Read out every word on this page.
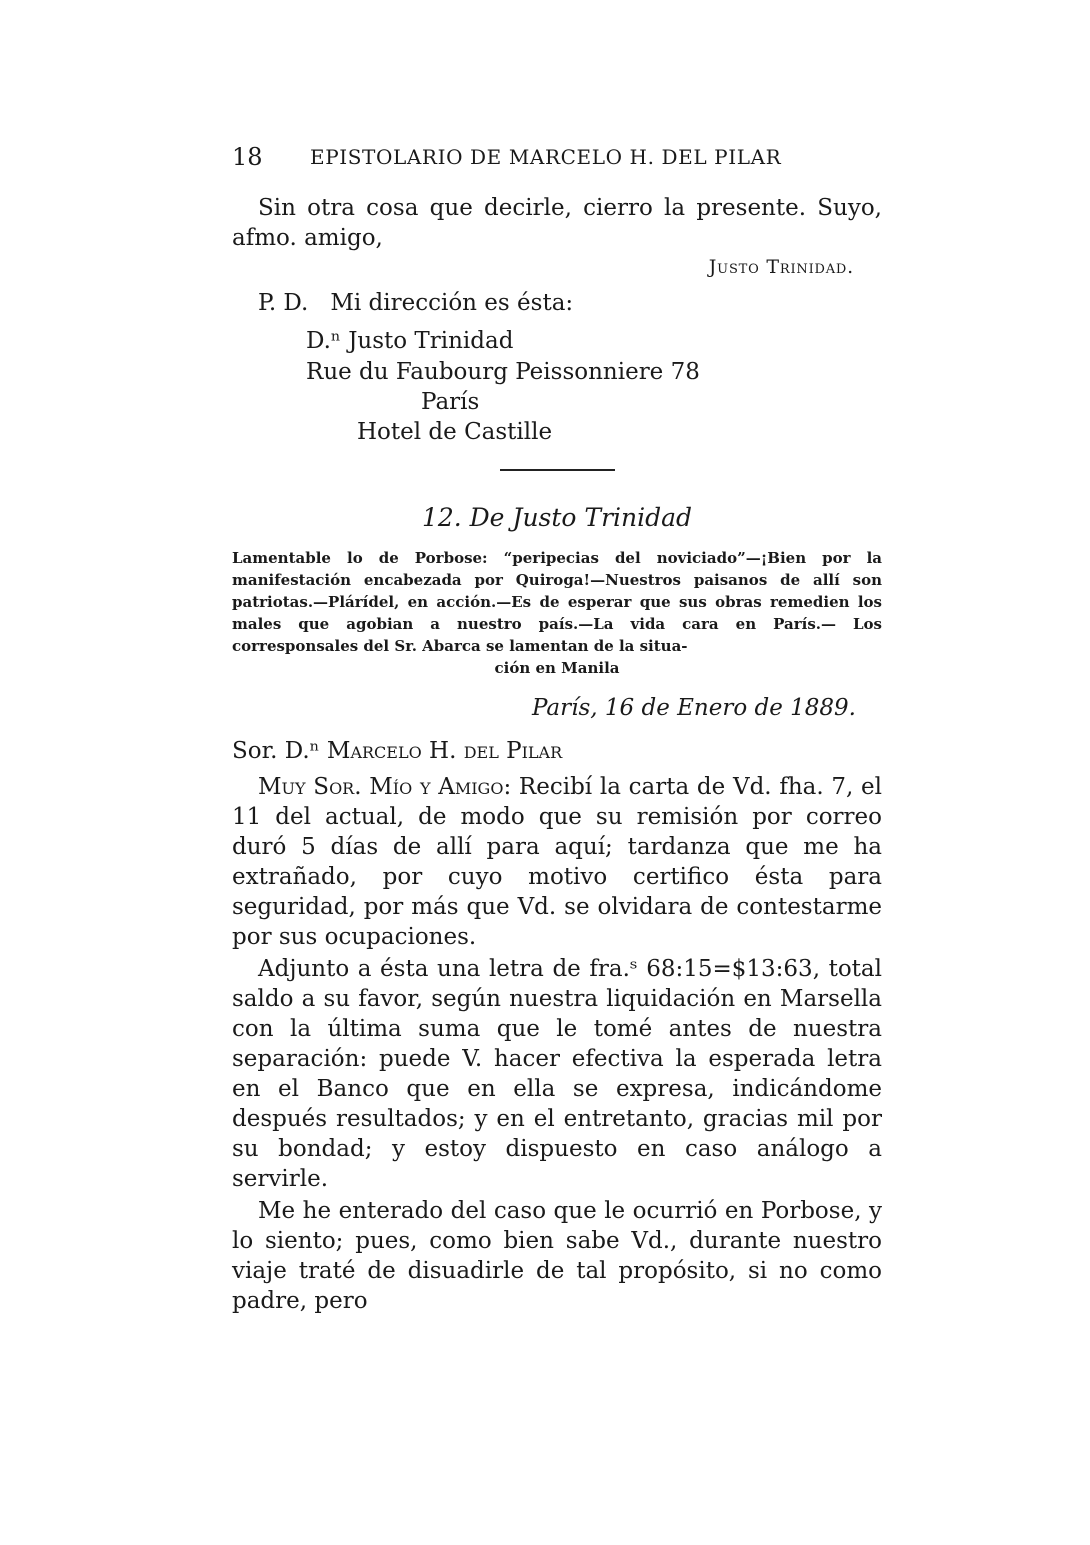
18 EPISTOLARIO DE MARCELO H. DEL PILAR
Sin otra cosa que decirle, cierro la presente. Suyo, afmo. amigo,
Justo Trinidad.
P. D. Mi dirección es ésta:
D.ⁿ Justo Trinidad
Rue du Faubourg Peissonniere 78
París
Hotel de Castille
12. De Justo Trinidad
Lamentable lo de Porbose: “peripecias del noviciado”—¡Bien por la manifestación encabezada por Quiroga!—Nuestros paisanos de allí son patriotas.—Plárídel, en acción.—Es de esperar que sus obras remedien los males que agobian a nuestro país.—La vida cara en París.— Los corresponsales del Sr. Abarca se lamentan de la situa-
ción en Manila
París, 16 de Enero de 1889.
Sor. D.ⁿ Marcelo H. del Pilar

Muy Sor. Mío y Amigo: Recibí la carta de Vd. fha. 7, el 11 del actual, de modo que su remisión por correo duró 5 días de allí para aquí; tardanza que me ha extrañado, por cuyo motivo certifico ésta para seguridad, por más que Vd. se olvidara de contestarme por sus ocupaciones.

Adjunto a ésta una letra de fra.ˢ 68:15=$13:63, total saldo a su favor, según nuestra liquidación en Marsella con la última suma que le tomé antes de nuestra separación: puede V. hacer efectiva la esperada letra en el Banco que en ella se expresa, indicándome después resultados; y en el entretanto, gracias mil por su bondad; y estoy dispuesto en caso análogo a servirle.

Me he enterado del caso que le ocurrió en Porbose, y lo siento; pues, como bien sabe Vd., durante nuestro viaje traté de disuadirle de tal propósito, si no como padre, pero
